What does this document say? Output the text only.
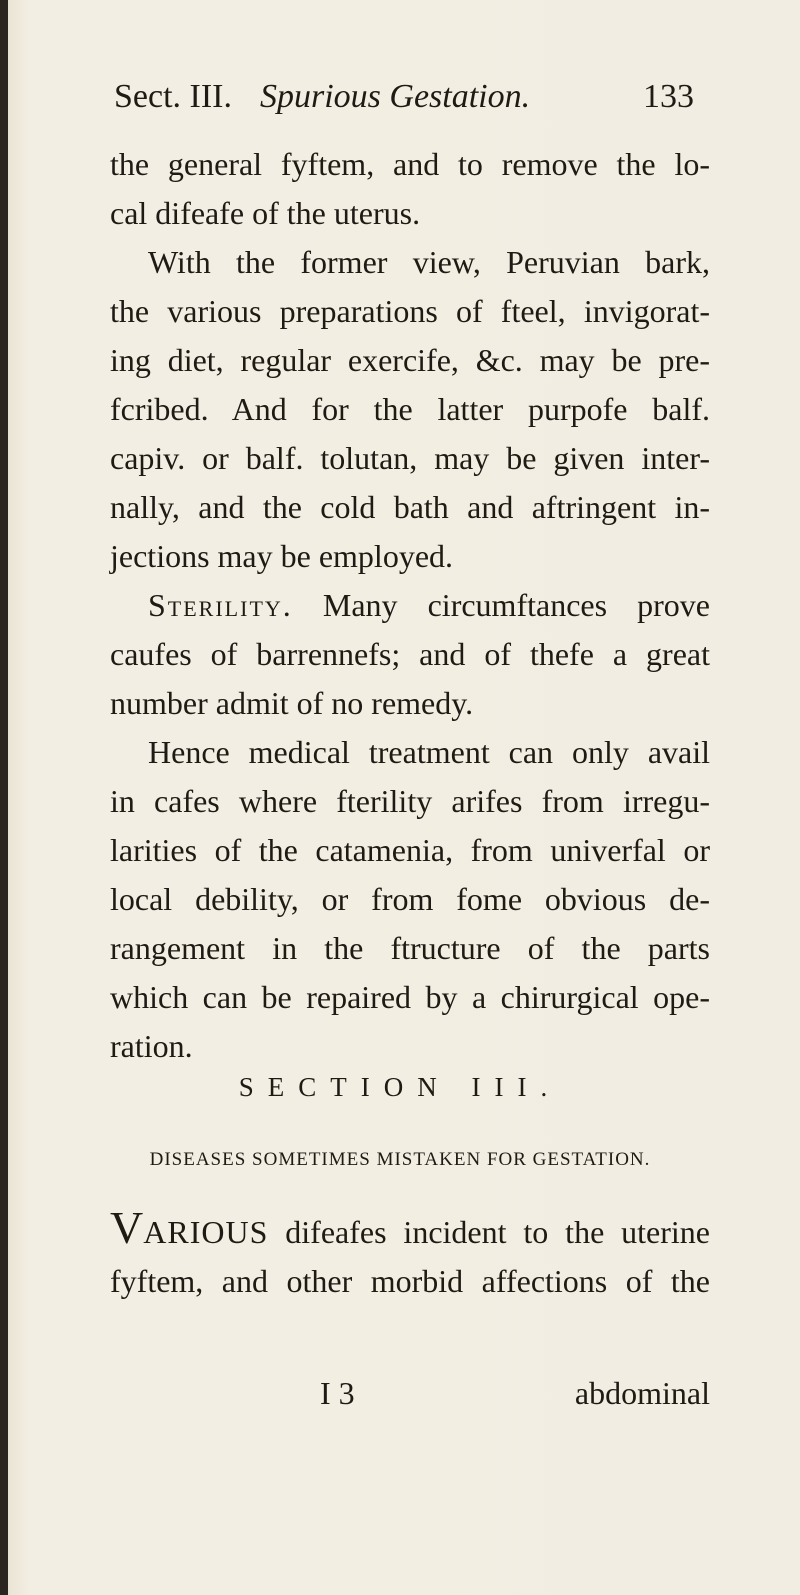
Sect. III. Spurious Gestation.	133
the general fyftem, and to remove the lo-
cal difeafe of the uterus.
With the former view, Peruvian bark,
the various preparations of fteel, invigorat-
ing diet, regular exercife, &c. may be pre-
fcribed. And for the latter purpofe balf.
capiv. or balf. tolutan, may be given inter-
nally, and the cold bath and aftringent in-
jections may be employed.
Sterility. Many circumftances prove
caufes of barrennefs; and of thefe a great
number admit of no remedy.
Hence medical treatment can only avail
in cafes where fterility arifes from irregu-
larities of the catamenia, from univerfal or
local debility, or from fome obvious de-
rangement in the ftructure of the parts
which can be repaired by a chirurgical ope-
ration.
SECTION III.
DISEASES SOMETIMES MISTAKEN FOR GESTATION.
VARIOUS difeafes incident to the uterine
fyftem, and other morbid affections of the
I 3	abdominal
